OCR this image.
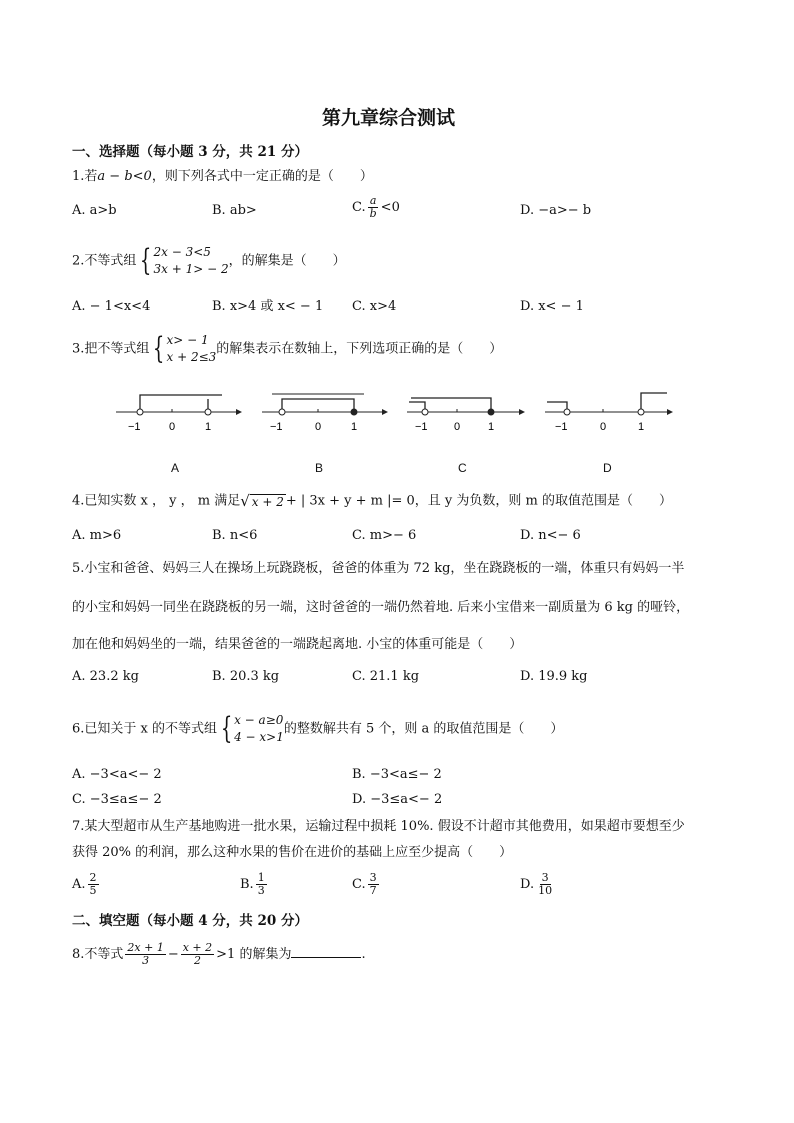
第九章综合测试
一、选择题（每小题 3 分，共 21 分）
1.若a − b<0，则下列各式中一定正确的是（　　）
A. a>b	B. ab>	C. $\frac{a}{b} <0$	D. −a>− b
2.不等式组 { 2x − 3<5
3x + 1> − 2
，的解集是（　　）
A. − 1<x<4	B. x>4 或 x< − 1 C. x>4	D. x< − 1
3.把不等式组 { x> − 1
x + 2≤3
的解集表示在数轴上，下列选项正确的是（　　）
−1	0	1	−1	0	1	−1 0	1	−1	0	1
A	B	C	D
4.已知实数 x ， y ， m 满足 √ x + 2 + | 3x + y + m |= 0，且 y 为负数，则 m 的取值范围是（　　）
A. m>6	B. n<6	C. m>− 6	D. n<− 6
5.小宝和爸爸、妈妈三人在操场上玩跷跷板，爸爸的体重为 72 kg，坐在跷跷板的一端，体重只有妈妈一半
的小宝和妈妈一同坐在跷跷板的另一端，这时爸爸的一端仍然着地. 后来小宝借来一副质量为 6 kg 的哑铃，
加在他和妈妈坐的一端，结果爸爸的一端跷起离地. 小宝的体重可能是（　　）
A. 23.2 kg	B. 20.3 kg	C. 21.1 kg	D. 19.9 kg
6.已知关于 x 的不等式组 { x − a≥0
4 − x>1
的整数解共有 5 个，则 a 的取值范围是（　　）
A. −3<a<− 2	B. −3<a≤− 2
C. −3≤a≤− 2	D. −3≤a<− 2
7.某大型超市从生产基地购进一批水果，运输过程中损耗 10%. 假设不计超市其他费用，如果超市要想至少
获得 20% 的利润，那么这种水果的售价在进价的基础上应至少提高（　　）
A. $\frac{2}{5}$	B. $\frac{1}{3}$	C. $\frac{3}{7}$	D. $\frac{3}{10}$
二、填空题（每小题 4 分，共 20 分）
8.不等式 $\frac{2x + 1}{3} - \frac{x + 2}{2} >1$ 的解集为	.
